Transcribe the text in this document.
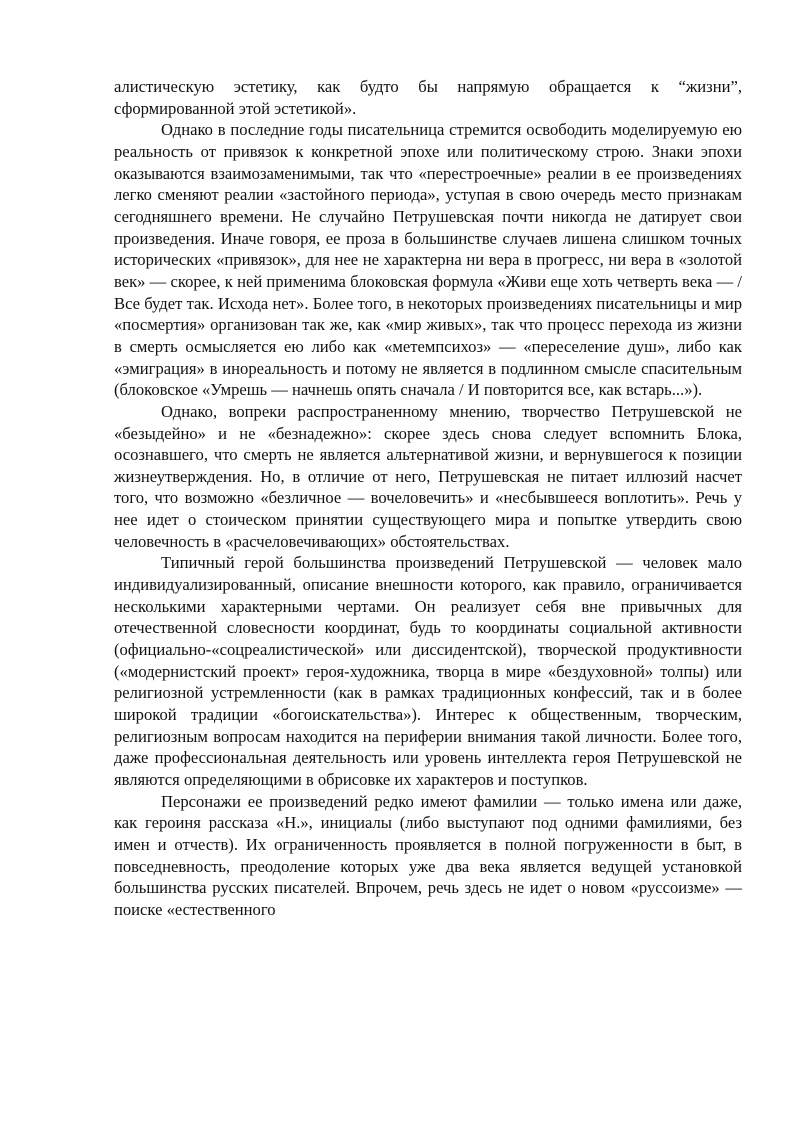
алистическую эстетику, как будто бы напрямую обращается к “жизни”, сформированной этой эстетикой».

Однако в последние годы писательница стремится освободить моделируемую ею реальность от привязок к конкретной эпохе или политическому строю. Знаки эпохи оказываются взаимозаменимыми, так что «перестроечные» реалии в ее произведениях легко сменяют реалии «застойного периода», уступая в свою очередь место признакам сегодняшнего времени. Не случайно Петрушевская почти никогда не датирует свои произведения. Иначе говоря, ее проза в большинстве случаев лишена слишком точных исторических «привязок», для нее не характерна ни вера в прогресс, ни вера в «золотой век» — скорее, к ней применима блоковская формула «Живи еще хоть четверть века — / Все будет так. Исхода нет». Более того, в некоторых произведениях писательницы и мир «посмертия» организован так же, как «мир живых», так что процесс перехода из жизни в смерть осмысляется ею либо как «метемпсихоз» — «переселение душ», либо как «эмиграция» в инореальность и потому не является в подлинном смысле спасительным (блоковское «Умрешь — начнешь опять сначала / И повторится все, как встарь...»).

Однако, вопреки распространенному мнению, творчество Петрушевской не «безыдейно» и не «безнадежно»: скорее здесь снова следует вспомнить Блока, осознавшего, что смерть не является альтернативой жизни, и вернувшегося к позиции жизнеутверждения. Но, в отличие от него, Петрушевская не питает иллюзий насчет того, что возможно «безличное — вочеловечить» и «несбывшееся воплотить». Речь у нее идет о стоическом принятии существующего мира и попытке утвердить свою человечность в «расчеловечивающих» обстоятельствах.

Типичный герой большинства произведений Петрушевской — человек мало индивидуализированный, описание внешности которого, как правило, ограничивается несколькими характерными чертами. Он реализует себя вне привычных для отечественной словесности координат, будь то координаты социальной активности (официально-«соцреалистической» или диссидентской), творческой продуктивности («модернистский проект» героя-художника, творца в мире «бездуховной» толпы) или религиозной устремленности (как в рамках традиционных конфессий, так и в более широкой традиции «богоискательства»). Интерес к общественным, творческим, религиозным вопросам находится на периферии внимания такой личности. Более того, даже профессиональная деятельность или уровень интеллекта героя Петрушевской не являются определяющими в обрисовке их характеров и поступков.

Персонажи ее произведений редко имеют фамилии — только имена или даже, как героиня рассказа «Н.», инициалы (либо выступают под одними фамилиями, без имен и отчеств). Их ограниченность проявляется в полной погруженности в быт, в повседневность, преодоление которых уже два века является ведущей установкой большинства русских писателей. Впрочем, речь здесь не идет о новом «руссоизме» — поиске «естественного
